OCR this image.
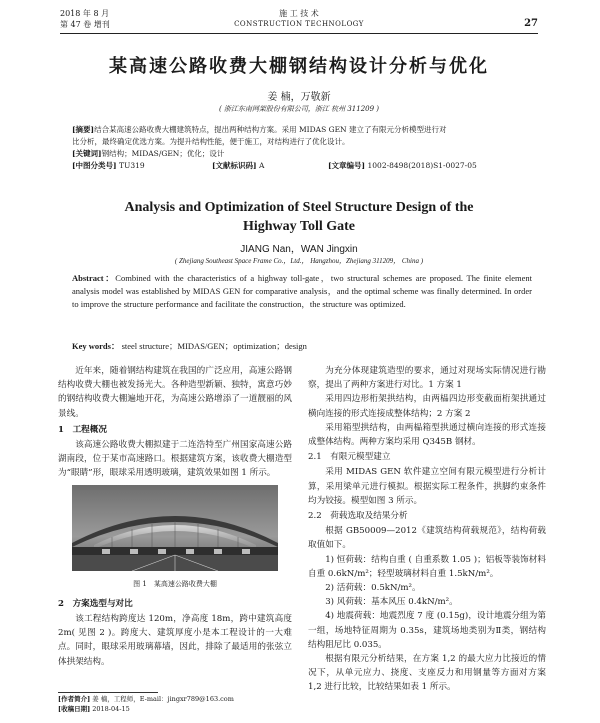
2018 年 8 月
第 47 卷 增刊
施 工 技 术
CONSTRUCTION TECHNOLOGY	27
某高速公路收费大棚钢结构设计分析与优化
姜 楠，万敬新
( 浙江东南网架股份有限公司，浙江 杭州 311209 )
[摘要]结合某高速公路收费大棚建筑特点，提出两种结构方案。采用 MIDAS GEN 建立了有限元分析模型进行对
比分析，最终确定优选方案。为提升结构性能，便于施工，对结构进行了优化设计。
[关键词]钢结构；MIDAS/GEN；优化；设计
[中图分类号] TU319	[文献标识码] A	[文章编号] 1002-8498(2018)S1-0027-05
Analysis and Optimization of Steel Structure Design of the
Highway Toll Gate
JIANG Nan，WAN Jingxin
( Zhejiang Southeast Space Frame Co.，Ltd.， Hangzhou，Zhejiang 311209， China )
Abstract：Combined with the characteristics of a highway toll-gate，two structural schemes are proposed. The finite element analysis model was established by MIDAS GEN for comparative analysis，and the optimal scheme was finally determined. In order to improve the structure performance and facilitate the construction，the structure was optimized.
Key words： steel structure；MIDAS/GEN；optimization；design

近年来，随着钢结构建筑在我国的广泛应用，高速公路钢结构收费大棚也被发扬光大。各种造型新颖、独特，寓意巧妙的钢结构收费大棚遍地开花，为高速公路增添了一道靓丽的风景线。

1　工程概况

该高速公路收费大棚拟建于二连浩特至广州国家高速公路湖南段，位于某市高速路口。根据建筑方案，该收费大棚造型为“眼睛”形，眼球采用透明玻璃，建筑效果如图 1 所示。

图 1　某高速公路收费大棚
2　方案选型与对比

该工程结构跨度达 120m，净高度 18m，跨中建筑高度 2m( 见图 2 )。跨度大、建筑厚度小是本工程设计的一大难点。同时，眼球采用玻璃幕墙，因此，排除了最适用的张弦立体拱架结构。

为充分体现建筑造型的要求，通过对现场实际情况进行勘察，提出了两种方案进行对比。1 方案 1

采用四边形桁架拱结构，由两榀四边形变截面桁架拱通过横向连接的形式连接成整体结构；2 方案 2

采用箱型拱结构，由两榀箱型拱通过横向连接的形式连接成整体结构。两种方案均采用 Q345B 钢材。

2.1　有限元模型建立

采用 MIDAS GEN 软件建立空间有限元模型进行分析计算，采用梁单元进行模拟。根据实际工程条件，拱脚约束条件均为铰接。模型如图 3 所示。

2.2　荷载选取及结果分析

根据 GB50009—2012《建筑结构荷载规范》，结构荷载取值如下。

1) 恒荷载：结构自重 ( 自重系数 1.05 )；铝板等装饰材料自重 0.6kN/m²；轻型玻璃材料自重 1.5kN/m²。

2) 活荷载：0.5kN/m²。

3) 风荷载：基本风压 0.4kN/m²。

4) 地震荷载：地震烈度 7 度 (0.15g)，设计地震分组为第一组，场地特征周期为 0.35s，建筑场地类别为Ⅱ类，钢结构结构阻尼比 0.035。

根据有限元分析结果，在方案 1,2 的最大应力比接近的情况下，从单元应力、挠度、支座反力和用钢量等方面对方案 1,2 进行比较，比较结果如表 1 所示。

[作者简介] 姜 楠，工程师，E-mail：jingxr789@163.com
[收稿日期] 2018-04-15
